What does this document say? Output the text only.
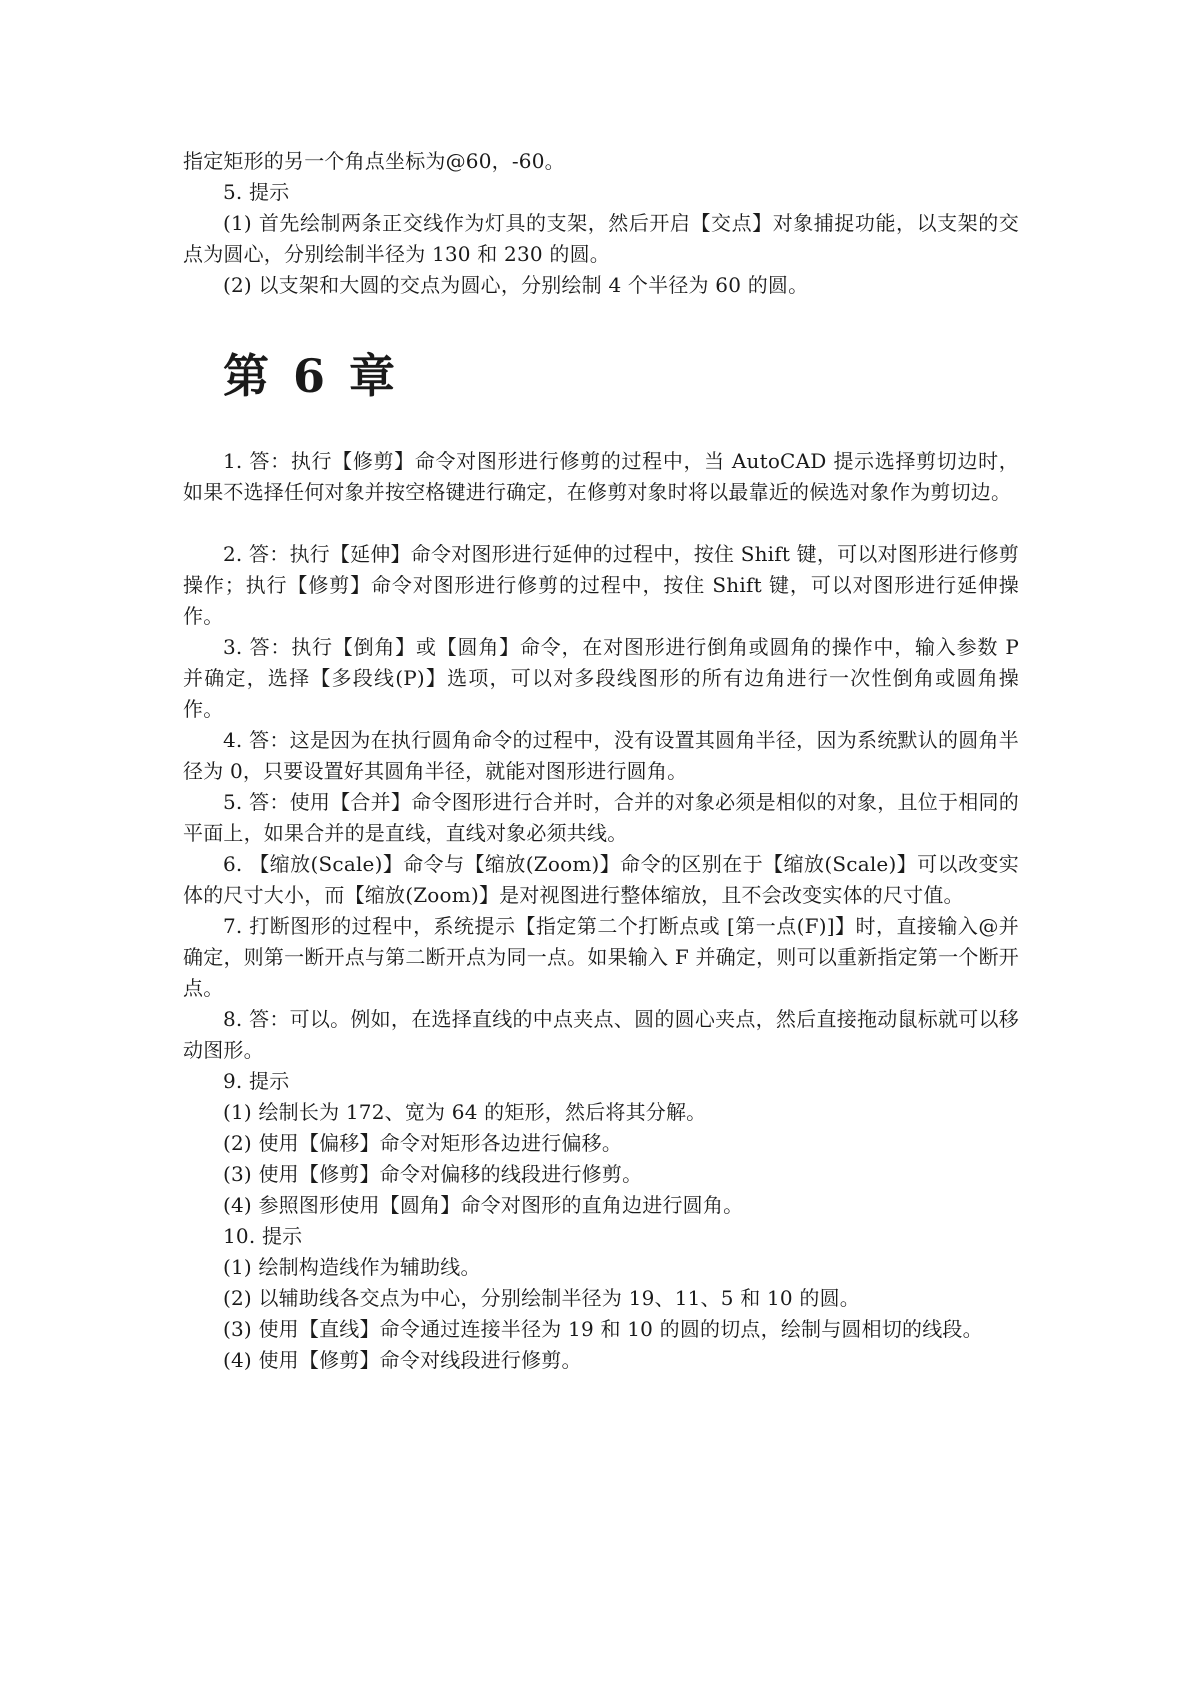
指定矩形的另一个角点坐标为@60，-60。

5. 提示

(1) 首先绘制两条正交线作为灯具的支架，然后开启【交点】对象捕捉功能，以支架的交点为圆心，分别绘制半径为 130 和 230 的圆。

(2) 以支架和大圆的交点为圆心，分别绘制 4 个半径为 60 的圆。

第 6 章

1. 答：执行【修剪】命令对图形进行修剪的过程中，当 AutoCAD 提示选择剪切边时，如果不选择任何对象并按空格键进行确定，在修剪对象时将以最靠近的候选对象作为剪切边。

2. 答：执行【延伸】命令对图形进行延伸的过程中，按住 Shift 键，可以对图形进行修剪操作；执行【修剪】命令对图形进行修剪的过程中，按住 Shift 键，可以对图形进行延伸操作。

3. 答：执行【倒角】或【圆角】命令，在对图形进行倒角或圆角的操作中，输入参数 P 并确定，选择【多段线(P)】选项，可以对多段线图形的所有边角进行一次性倒角或圆角操作。

4. 答：这是因为在执行圆角命令的过程中，没有设置其圆角半径，因为系统默认的圆角半径为 0，只要设置好其圆角半径，就能对图形进行圆角。

5. 答：使用【合并】命令图形进行合并时，合并的对象必须是相似的对象，且位于相同的平面上，如果合并的是直线，直线对象必须共线。

6. 【缩放(Scale)】命令与【缩放(Zoom)】命令的区别在于【缩放(Scale)】可以改变实体的尺寸大小，而【缩放(Zoom)】是对视图进行整体缩放，且不会改变实体的尺寸值。

7. 打断图形的过程中，系统提示【指定第二个打断点或 [第一点(F)]】时，直接输入@并确定，则第一断开点与第二断开点为同一点。如果输入 F 并确定，则可以重新指定第一个断开点。

8. 答：可以。例如，在选择直线的中点夹点、圆的圆心夹点，然后直接拖动鼠标就可以移动图形。

9. 提示

(1) 绘制长为 172、宽为 64 的矩形，然后将其分解。

(2) 使用【偏移】命令对矩形各边进行偏移。

(3) 使用【修剪】命令对偏移的线段进行修剪。

(4) 参照图形使用【圆角】命令对图形的直角边进行圆角。

10. 提示

(1) 绘制构造线作为辅助线。

(2) 以辅助线各交点为中心，分别绘制半径为 19、11、5 和 10 的圆。

(3) 使用【直线】命令通过连接半径为 19 和 10 的圆的切点，绘制与圆相切的线段。

(4) 使用【修剪】命令对线段进行修剪。
